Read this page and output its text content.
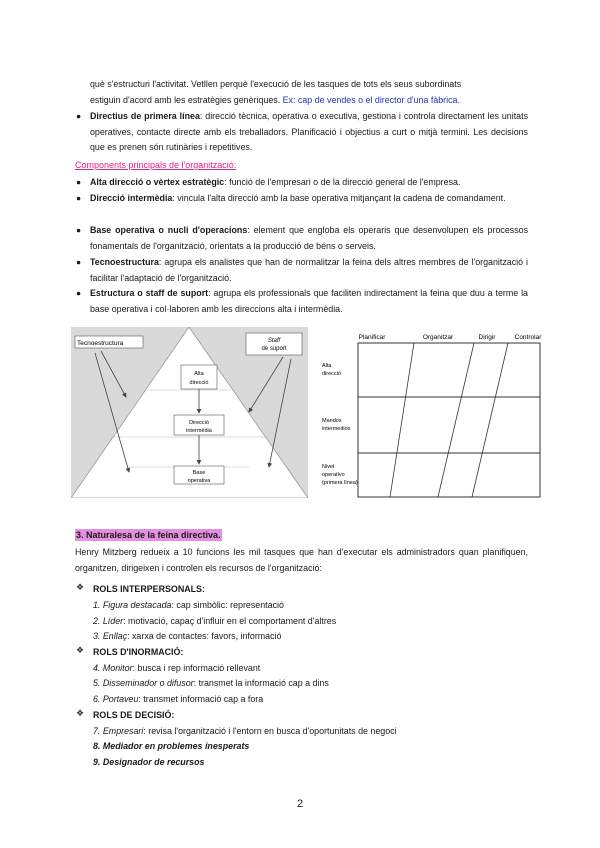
què s'estructuri l'activitat. Vetllen perquè l'execució de les tasques de tots els seus subordinats
estiguin d'acord amb les estratègies genèriques. Ex: cap de vendes o el director d'una fàbrica.
● Directius de primera línea: direcció tècnica, operativa o executiva, gestiona i controla directament les unitats operatives, contacte directe amb els treballadors. Planificació i objectius a curt o mitjà termini. Les decisions que es prenen són rutinàries i repetitives.
Components principals de l'organització:
● Alta direcció o vèrtex estratègic: funció de l'empresari o de la direcció general de l'empresa.
● Direcció intermèdia: vincula l'alta direcció amb la base operativa mitjançant la cadena de comandament.
● Base operativa o nucli d'operacions: element que engloba els operaris que desenvolupen els processos fonamentals de l'organització, orientats a la producció de béns o serveis.
● Tecnoestructura: agrupa els analistes que han de normalitzar la feina dels altres membres de l'organització i facilitar l'adaptació de l'organització.
● Estructura o staff de suport: agrupa els professionals que faciliten indirectament la feina que duu a terme la base operativa i col·laboren amb les direccions alta i intermèdia.
Tecnoestructura	Staff
de suport
Alta
direcció
Direcció
intermèdia
Base
operativa
Planificar	Organitzar	Dirigir	Controlar
Alta
direcció
Mandos
intermedios
Nivel
operativo
(primera línea)
3. Naturalesa de la feina directiva.
Henry Mitzberg redueix a 10 funcions les mil tasques que han d'executar els administradors quan planifiquen, organitzen, dirigeixen i controlen els recursos de l'organització:
❖ ROLS INTERPERSONALS:
1. Figura destacada: cap simbòlic: representació
2. Líder: motivació, capaç d'influir en el comportament d'altres
3. Enllaç: xarxa de contactes: favors, informació
❖ ROLS D'INORMACIÓ:
4. Monitor: busca i rep informació rellevant
5. Disseminador o difusor: transmet la informació cap a dins
6. Portaveu: transmet informació cap a fora
❖ ROLS DE DECISIÓ:
7. Empresari: revisa l'organització i l'entorn en busca d'oportunitats de negoci
8. Mediador en problemes inesperats
9. Designador de recursos
2
